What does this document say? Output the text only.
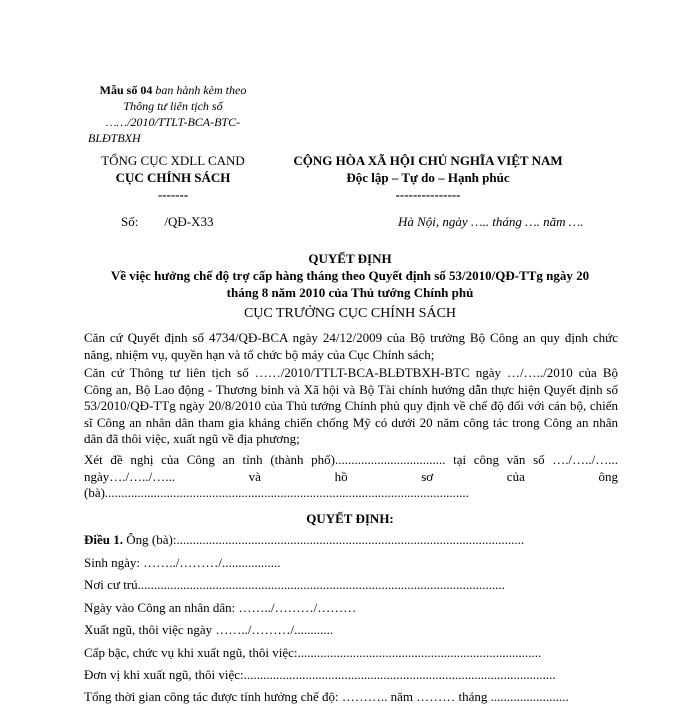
Mẫu số 04 ban hành kèm theo
Thông tư liên tịch số
……/2010/TTLT-BCA-BTC-
BLĐTBXH
TỔNG CỤC XDLL CAND
CỤC CHÍNH SÁCH
-------
CỘNG HÒA XÃ HỘI CHỦ NGHĨA VIỆT NAM
Độc lập – Tự do – Hạnh phúc
---------------
Số:        /QĐ-X33	Hà Nội, ngày ….. tháng …. năm ….
QUYẾT ĐỊNH
Về việc hưởng chế độ trợ cấp hàng tháng theo Quyết định số 53/2010/QĐ-TTg ngày 20
tháng 8 năm 2010 của Thủ tướng Chính phủ
CỤC TRƯỞNG CỤC CHÍNH SÁCH
Căn cứ Quyết định số 4734/QĐ-BCA ngày 24/12/2009 của Bộ trưởng Bộ Công an quy định chức năng, nhiệm vụ, quyền hạn và tổ chức bộ máy của Cục Chính sách;
Căn cứ Thông tư liên tịch số ……/2010/TTLT-BCA-BLĐTBXH-BTC ngày …/…../2010 của Bộ Công an, Bộ Lao động - Thương binh và Xã hội và Bộ Tài chính hướng dẫn thực hiện Quyết định số 53/2010/QĐ-TTg ngày 20/8/2010 của Thủ tướng Chính phủ quy định về chế độ đối với cán bộ, chiến sĩ Công an nhân dân tham gia kháng chiến chống Mỹ có dưới 20 năm công tác trong Công an nhân dân đã thôi việc, xuất ngũ về địa phương;
Xét đề nghị của Công an tỉnh (thành phố).................................. tại công văn số …./…../…... ngày…./…../…... và hồ sơ của ông (bà)................................................................................................................
QUYẾT ĐỊNH:
Điều 1. Ông (bà):...........................................................................................................
Sinh ngày: ……../………/..................
Nơi cư trú.................................................................................................................
Ngày vào Công an nhân dân: ……../………/………
Xuất ngũ, thôi việc ngày ……../………/............
Cấp bậc, chức vụ khi xuất ngũ, thôi việc:...........................................................................
Đơn vị khi xuất ngũ, thôi việc:................................................................................................
Tổng thời gian công tác được tính hưởng chế độ: ……….. năm ……… tháng ........................
